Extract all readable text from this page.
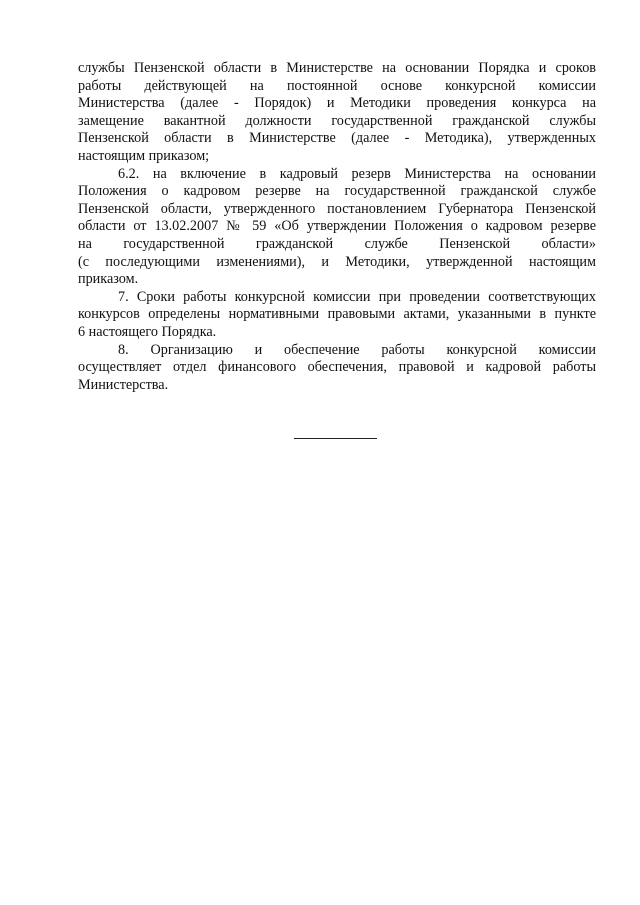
службы Пензенской области в Министерстве на основании Порядка и сроков
работы действующей на постоянной основе конкурсной комиссии
Министерства (далее - Порядок) и Методики проведения конкурса на
замещение вакантной должности государственной гражданской службы
Пензенской области в Министерстве (далее - Методика), утвержденных
настоящим приказом;

6.2. на включение в кадровый резерв Министерства на основании
Положения о кадровом резерве на государственной гражданской службе
Пензенской области, утвержденного постановлением Губернатора Пензенской
области от 13.02.2007 № 59 «Об утверждении Положения о кадровом резерве
на государственной гражданской службе Пензенской области»
(с последующими изменениями), и Методики, утвержденной настоящим
приказом.

7. Сроки работы конкурсной комиссии при проведении соответствующих
конкурсов определены нормативными правовыми актами, указанными в пункте
6 настоящего Порядка.

8. Организацию и обеспечение работы конкурсной комиссии
осуществляет отдел финансового обеспечения, правовой и кадровой работы
Министерства.
